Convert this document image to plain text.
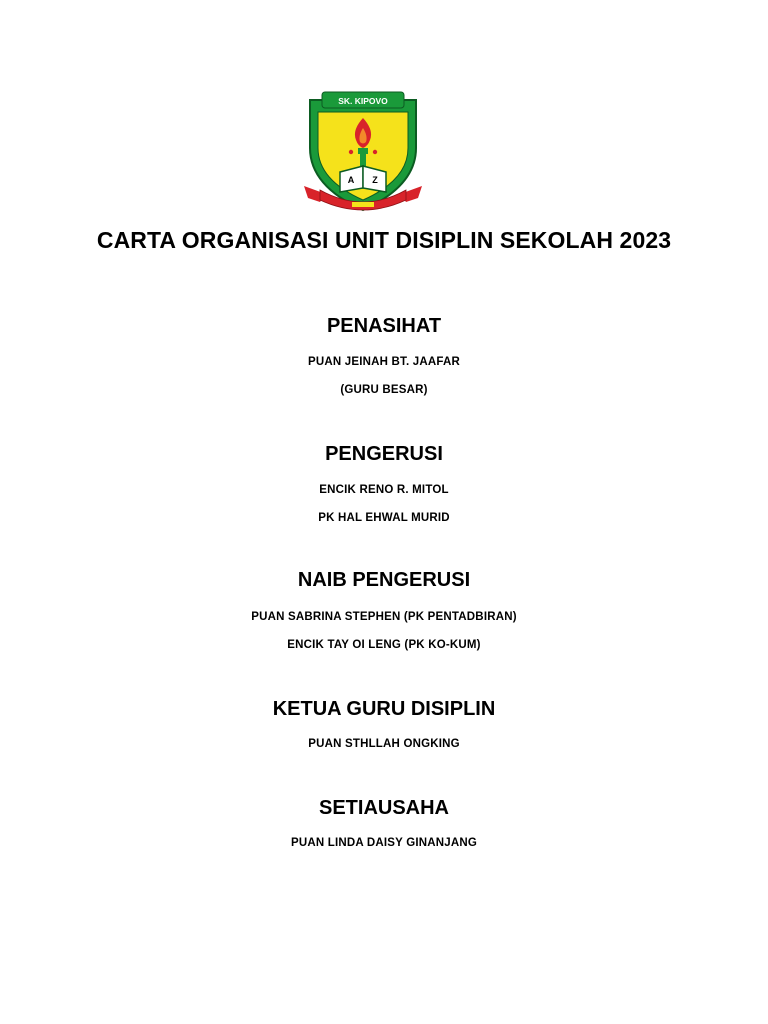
SK. KIPOVO
A Z
CARTA ORGANISASI UNIT DISIPLIN SEKOLAH 2023
PENASIHAT
PUAN JEINAH BT. JAAFAR
(GURU BESAR)
PENGERUSI
ENCIK RENO R. MITOL
PK HAL EHWAL MURID
NAIB PENGERUSI
PUAN SABRINA STEPHEN (PK PENTADBIRAN)
ENCIK TAY OI LENG (PK KO-KUM)
KETUA GURU DISIPLIN
PUAN STHLLAH ONGKING
SETIAUSAHA
PUAN LINDA DAISY GINANJANG
